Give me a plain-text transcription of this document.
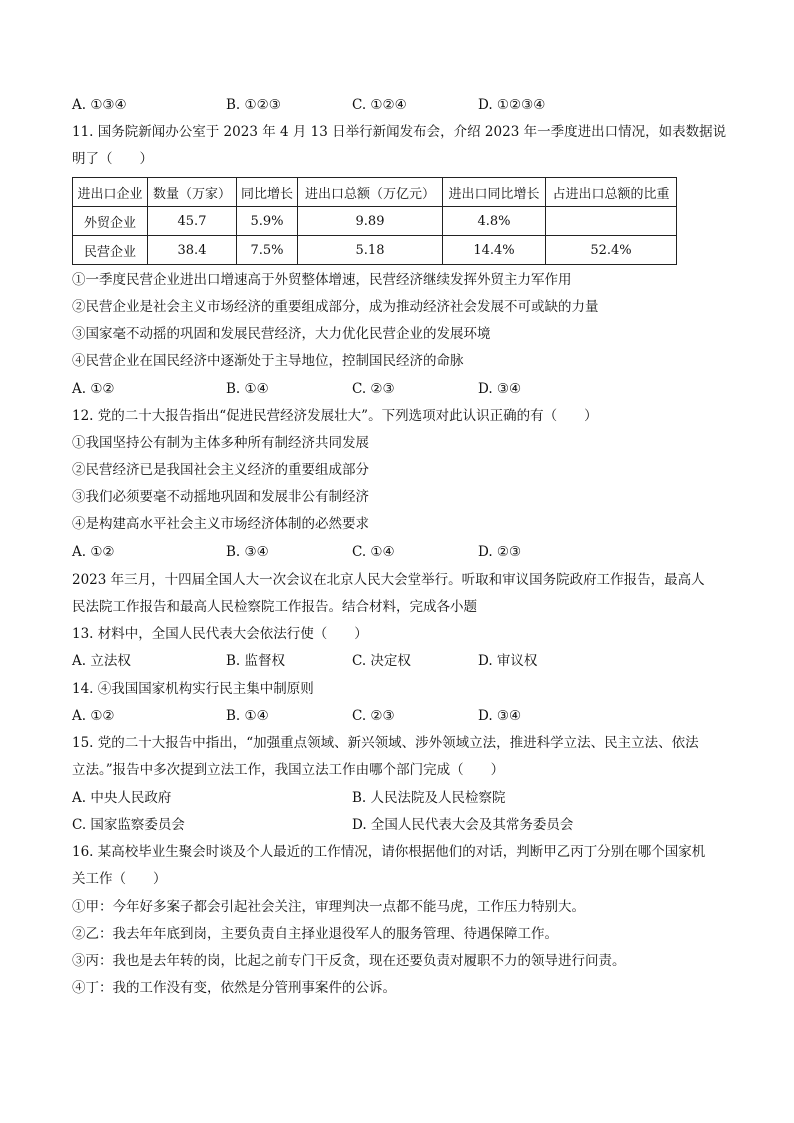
A. ①③④	B. ①②③	C. ①②④	D. ①②③④
11. 国务院新闻办公室于 2023 年 4 月 13 日举行新闻发布会，介绍 2023 年一季度进出口情况，如表数据说
明了（　　）
进出口企业	数量（万家）	同比增长	进出口总额（万亿元）	进出口同比增长	占进出口总额的比重
外贸企业	45.7	5.9%	9.89	4.8%	
民营企业	38.4	7.5%	5.18	14.4%	52.4%
①一季度民营企业进出口增速高于外贸整体增速，民营经济继续发挥外贸主力军作用
②民营企业是社会主义市场经济的重要组成部分，成为推动经济社会发展不可或缺的力量
③国家毫不动摇的巩固和发展民营经济，大力优化民营企业的发展环境
④民营企业在国民经济中逐渐处于主导地位，控制国民经济的命脉
A. ①②	B. ①④	C. ②③	D. ③④
12. 党的二十大报告指出“促进民营经济发展壮大”。下列选项对此认识正确的有（　　）
①我国坚持公有制为主体多种所有制经济共同发展
②民营经济已是我国社会主义经济的重要组成部分
③我们必须要毫不动摇地巩固和发展非公有制经济
④是构建高水平社会主义市场经济体制的必然要求
A. ①②	B. ③④	C. ①④	D. ②③
2023 年三月，十四届全国人大一次会议在北京人民大会堂举行。听取和审议国务院政府工作报告，最高人
民法院工作报告和最高人民检察院工作报告。结合材料，完成各小题
13. 材料中，全国人民代表大会依法行使（　　）
A. 立法权	B. 监督权	C. 决定权	D. 审议权
14. ④我国国家机构实行民主集中制原则
A. ①②	B. ①④	C. ②③	D. ③④
15. 党的二十大报告中指出，“加强重点领域、新兴领域、涉外领域立法，推进科学立法、民主立法、依法
立法。”报告中多次提到立法工作，我国立法工作由哪个部门完成（　　）
A. 中央人民政府	B. 人民法院及人民检察院
C. 国家监察委员会	D. 全国人民代表大会及其常务委员会
16. 某高校毕业生聚会时谈及个人最近的工作情况，请你根据他们的对话，判断甲乙丙丁分别在哪个国家机
关工作（　　）
①甲：今年好多案子都会引起社会关注，审理判决一点都不能马虎，工作压力特别大。
②乙：我去年年底到岗，主要负责自主择业退役军人的服务管理、待遇保障工作。
③丙：我也是去年转的岗，比起之前专门干反贪，现在还要负责对履职不力的领导进行问责。
④丁：我的工作没有变，依然是分管刑事案件的公诉。
